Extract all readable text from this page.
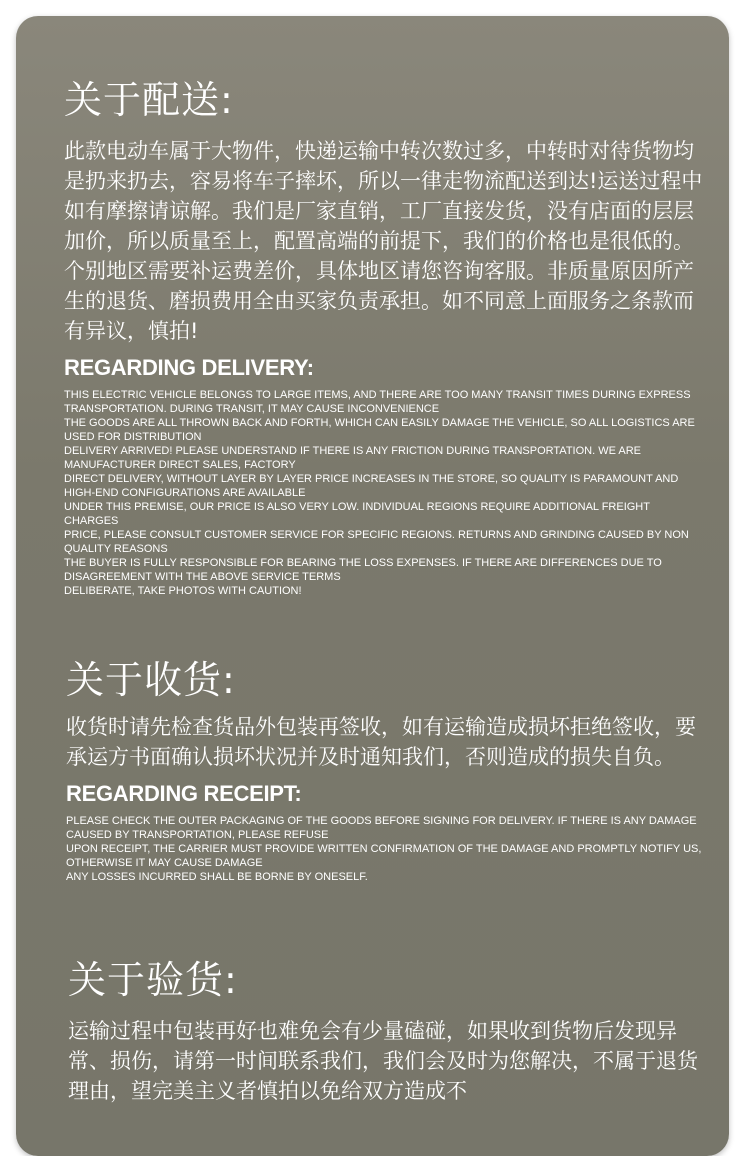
关于配送:

此款电动车属于大物件，快递运输中转次数过多，中转时对待货物均是扔来扔去，容易将车子摔坏，所以一律走物流配送到达!运送过程中如有摩擦请谅解。我们是厂家直销，工厂直接发货，没有店面的层层加价，所以质量至上，配置高端的前提下，我们的价格也是很低的。个别地区需要补运费差价，具体地区请您咨询客服。非质量原因所产生的退货、磨损费用全由买家负责承担。如不同意上面服务之条款而有异议，慎拍!

REGARDING DELIVERY:
THIS ELECTRIC VEHICLE BELONGS TO LARGE ITEMS, AND THERE ARE TOO MANY TRANSIT TIMES DURING EXPRESS TRANSPORTATION. DURING TRANSIT, IT MAY CAUSE INCONVENIENCE
THE GOODS ARE ALL THROWN BACK AND FORTH, WHICH CAN EASILY DAMAGE THE VEHICLE, SO ALL LOGISTICS ARE USED FOR DISTRIBUTION
DELIVERY ARRIVED! PLEASE UNDERSTAND IF THERE IS ANY FRICTION DURING TRANSPORTATION. WE ARE MANUFACTURER DIRECT SALES, FACTORY
DIRECT DELIVERY, WITHOUT LAYER BY LAYER PRICE INCREASES IN THE STORE, SO QUALITY IS PARAMOUNT AND HIGH-END CONFIGURATIONS ARE AVAILABLE
UNDER THIS PREMISE, OUR PRICE IS ALSO VERY LOW. INDIVIDUAL REGIONS REQUIRE ADDITIONAL FREIGHT CHARGES
PRICE, PLEASE CONSULT CUSTOMER SERVICE FOR SPECIFIC REGIONS. RETURNS AND GRINDING CAUSED BY NON QUALITY REASONS
THE BUYER IS FULLY RESPONSIBLE FOR BEARING THE LOSS EXPENSES. IF THERE ARE DIFFERENCES DUE TO DISAGREEMENT WITH THE ABOVE SERVICE TERMS
DELIBERATE, TAKE PHOTOS WITH CAUTION!
关于收货:

收货时请先检查货品外包装再签收，如有运输造成损坏拒绝签收，要承运方书面确认损坏状况并及时通知我们，否则造成的损失自负。

REGARDING RECEIPT:
PLEASE CHECK THE OUTER PACKAGING OF THE GOODS BEFORE SIGNING FOR DELIVERY. IF THERE IS ANY DAMAGE CAUSED BY TRANSPORTATION, PLEASE REFUSE
UPON RECEIPT, THE CARRIER MUST PROVIDE WRITTEN CONFIRMATION OF THE DAMAGE AND PROMPTLY NOTIFY US, OTHERWISE IT MAY CAUSE DAMAGE
ANY LOSSES INCURRED SHALL BE BORNE BY ONESELF.
关于验货:

运输过程中包装再好也难免会有少量磕碰，如果收到货物后发现异常、损伤，请第一时间联系我们，我们会及时为您解决，不属于退货理由，望完美主义者慎拍以免给双方造成不
